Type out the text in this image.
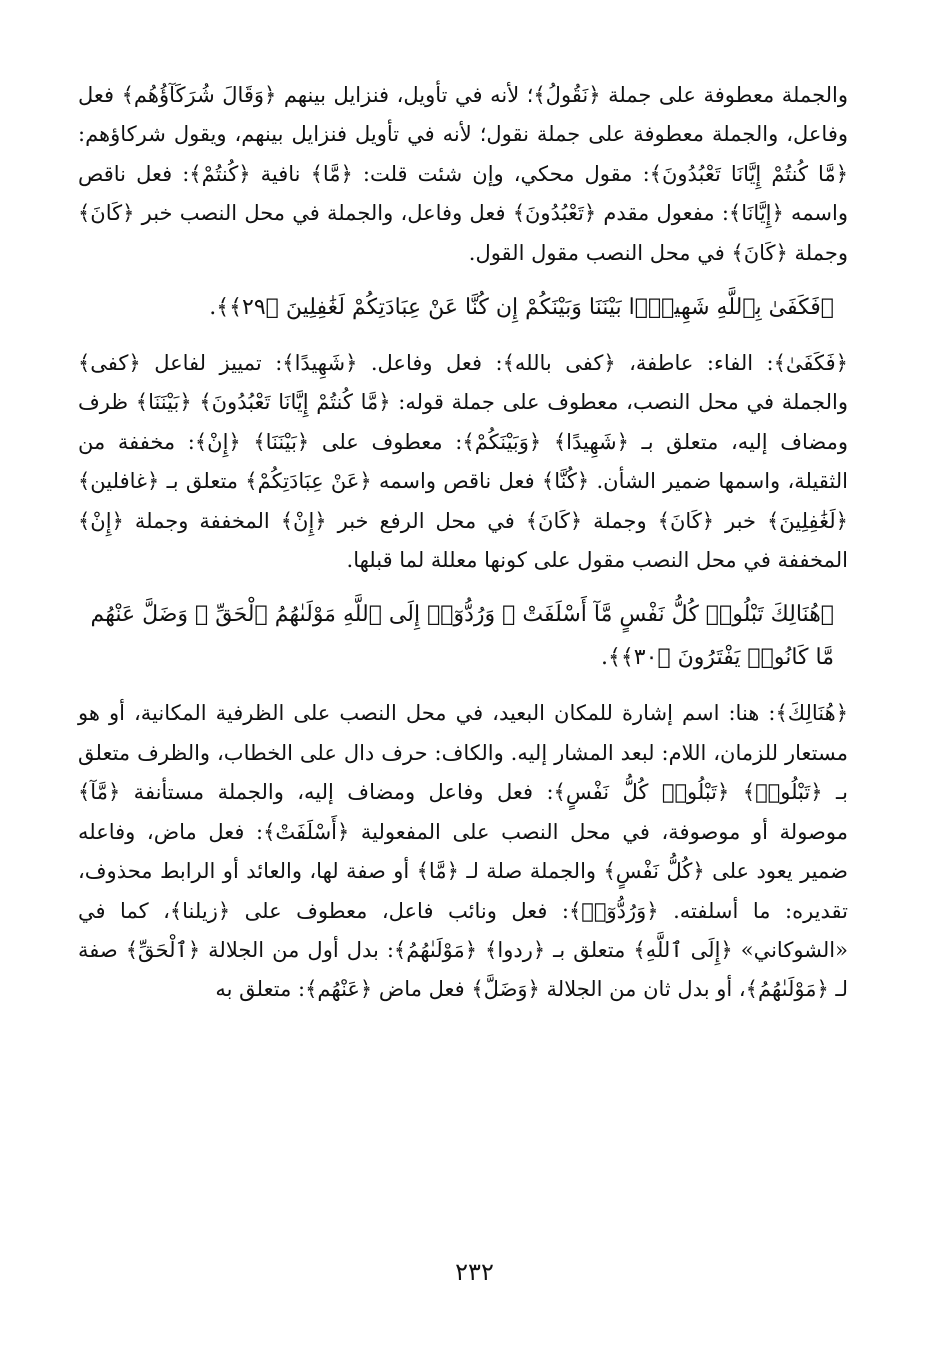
والجملة معطوفة على جملة ﴿نَقُولُ﴾؛ لأنه في تأويل، فنزايل بينهم ﴿وَقَالَ شُرَكَآؤُهُم﴾ فعل وفاعل، والجملة معطوفة على جملة نقول؛ لأنه في تأويل فنزايل بينهم، ويقول شركاؤهم: ﴿مَّا كُنتُمْ إِيَّانَا تَعْبُدُونَ﴾: مقول محكي، وإن شئت قلت: ﴿مَّا﴾ نافية ﴿كُنتُمْ﴾: فعل ناقص واسمه ﴿إِيَّانَا﴾: مفعول مقدم ﴿تَعْبُدُونَ﴾ فعل وفاعل، والجملة في محل النصب خبر ﴿كَانَ﴾ وجملة ﴿كَانَ﴾ في محل النصب مقول القول.

﴿فَكَفَىٰ بِٱللَّهِ شَهِيدًۢا بَيْنَنَا وَبَيْنَكُمْ إِن كُنَّا عَنْ عِبَادَتِكُمْ لَغَٰفِلِينَ ﴿٢٩﴾﴾.

﴿فَكَفَىٰ﴾: الفاء: عاطفة، ﴿كفى بالله﴾: فعل وفاعل. ﴿شَهِيدًا﴾: تمييز لفاعل ﴿كفى﴾ والجملة في محل النصب، معطوف على جملة قوله: ﴿مَّا كُنتُمْ إِيَّانَا تَعْبُدُونَ﴾ ﴿بَيْنَنَا﴾ ظرف ومضاف إليه، متعلق بـ ﴿شَهِيدًا﴾ ﴿وَبَيْنَكُمْ﴾: معطوف على ﴿بَيْنَنَا﴾ ﴿إِنْ﴾: مخففة من الثقيلة، واسمها ضمير الشأن. ﴿كُنَّا﴾ فعل ناقص واسمه ﴿عَنْ عِبَادَتِكُمْ﴾ متعلق بـ ﴿غافلين﴾ ﴿لَغَٰفِلِينَ﴾ خبر ﴿كَانَ﴾ وجملة ﴿كَانَ﴾ في محل الرفع خبر ﴿إِنْ﴾ المخففة وجملة ﴿إِنْ﴾ المخففة في محل النصب مقول على كونها معللة لما قبلها.

﴿هُنَالِكَ تَبْلُوا۟ كُلُّ نَفْسٍ مَّآ أَسْلَفَتْ ۚ وَرُدُّوٓا۟ إِلَى ٱللَّهِ مَوْلَىٰهُمُ ٱلْحَقِّ ۖ وَضَلَّ عَنْهُم مَّا كَانُوا۟ يَفْتَرُونَ ﴿٣٠﴾﴾.

﴿هُنَالِكَ﴾: هنا: اسم إشارة للمكان البعيد، في محل النصب على الظرفية المكانية، أو هو مستعار للزمان، اللام: لبعد المشار إليه. والكاف: حرف دال على الخطاب، والظرف متعلق بـ ﴿تَبْلُوا۟﴾ ﴿تَبْلُوا۟ كُلُّ نَفْسٍ﴾: فعل وفاعل ومضاف إليه، والجملة مستأنفة ﴿مَّآ﴾ موصولة أو موصوفة، في محل النصب على المفعولية ﴿أَسْلَفَتْ﴾: فعل ماض، وفاعله ضمير يعود على ﴿كُلُّ نَفْسٍ﴾ والجملة صلة لـ ﴿مَّا﴾ أو صفة لها، والعائد أو الرابط محذوف، تقديره: ما أسلفته. ﴿وَرُدُّوٓا۟﴾: فعل ونائب فاعل، معطوف على ﴿زيلنا﴾، كما في «الشوكاني» ﴿إِلَى ٱللَّهِ﴾ متعلق بـ ﴿ردوا﴾ ﴿مَوْلَىٰهُمُ﴾: بدل أول من الجلالة ﴿ٱلْحَقِّ﴾ صفة لـ ﴿مَوْلَىٰهُمُ﴾، أو بدل ثان من الجلالة ﴿وَضَلَّ﴾ فعل ماض ﴿عَنْهُم﴾: متعلق به

٢٣٢
